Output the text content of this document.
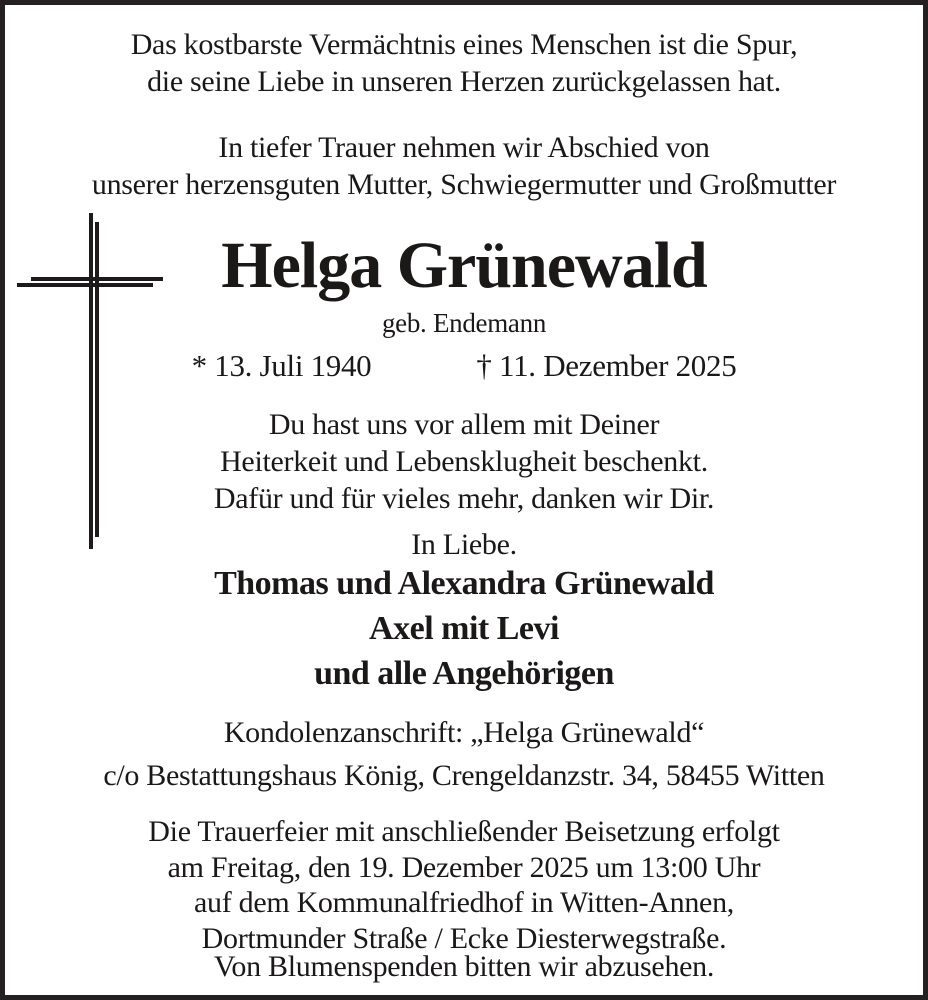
Das kostbarste Vermächtnis eines Menschen ist die Spur,

die seine Liebe in unseren Herzen zurückgelassen hat.

In tiefer Trauer nehmen wir Abschied von

unserer herzensguten Mutter, Schwiegermutter und Großmutter

Helga Grünewald

geb. Endemann

* 13. Juli 1940	† 11. Dezember 2025

Du hast uns vor allem mit Deiner

Heiterkeit und Lebensklugheit beschenkt.

Dafür und für vieles mehr, danken wir Dir.

In Liebe.

Thomas und Alexandra Grünewald

Axel mit Levi

und alle Angehörigen

Kondolenzanschrift: „Helga Grünewald“

c/o Bestattungshaus König, Crengeldanzstr. 34, 58455 Witten

Die Trauerfeier mit anschließender Beisetzung erfolgt

am Freitag, den 19. Dezember 2025 um 13:00 Uhr

auf dem Kommunalfriedhof in Witten-Annen,

Dortmunder Straße / Ecke Diesterwegstraße.

Von Blumenspenden bitten wir abzusehen.
